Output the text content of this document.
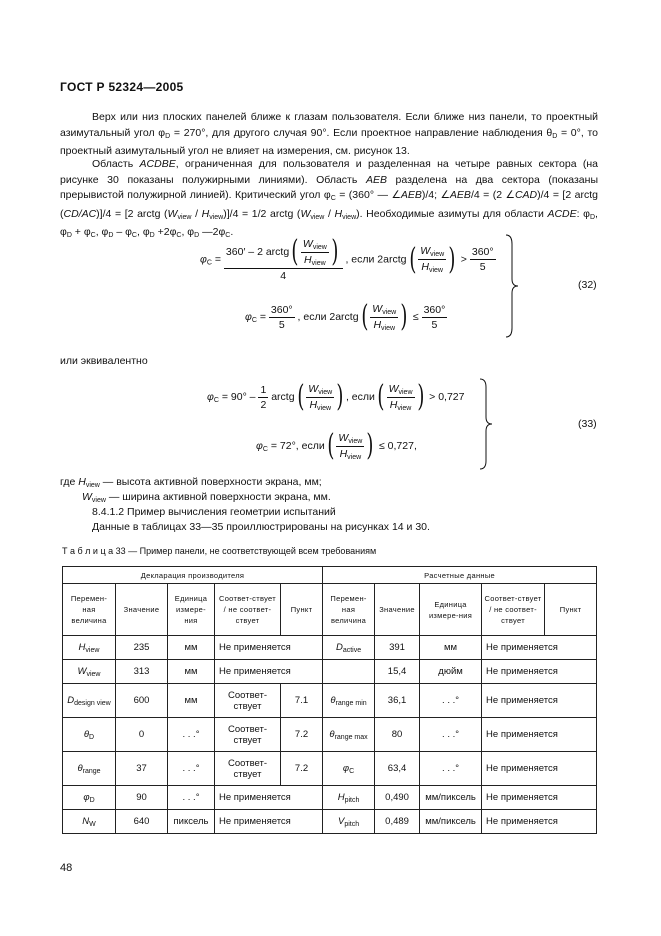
ГОСТ Р 52324—2005
Верх или низ плоских панелей ближе к глазам пользователя. Если ближе низ панели, то проектный азимутальный угол $\varphi_D = 270^\circ$, для другого случая 90°. Если проектное направление наблюдения $\theta_D = 0^\circ$, то проектный азимутальный угол не влияет на измерения, см. рисунок 13.
Область ACDBE, ограниченная для пользователя и разделенная на четыре равных сектора (на рисунке 30 показаны полужирными линиями). Область AEB разделена на два сектора (показаны прерывистой полужирной линией). Критический угол $\varphi_C = (360^\circ$ — ∠AEB)/4; ∠AEB/4 = (2 ∠CAD)/4 = [2 arctg (CD/AC)]/4 = [2 arctg $(W_{view} / H_{view})]/4 = 1/2$ arctg $(W_{view} / H_{view})$. Необходимые азимуты для области ACDE: $\varphi_D$, $\varphi_D + \varphi_C$, $\varphi_D - \varphi_C$, $\varphi_D +2\varphi_C$, $\varphi_D$ $—2\varphi_C$.
$\varphi_C = \frac{360' - 2 arctg( \frac{W_{view}}{H_{view}} )}{4}$ , если 2arctg( $\frac{W_{view}}{H_{view}}$ ) > $\frac{360^\circ}{5}$
$\varphi_C = \frac{360^\circ}{5}$ , если 2arctg( $\frac{W_{view}}{H_{view}}$ ) ≤ $\frac{360^\circ}{5}$
(32)
или эквивалентно
$\varphi_C = 90^\circ - \frac{1}{2}$ arctg( $\frac{W_{view}}{H_{view}}$ ) , если( $\frac{W_{view}}{H_{view}}$ ) > 0,727
$\varphi_C = 72^\circ$, если( $\frac{W_{view}}{H_{view}}$ ) ≤ 0,727,
(33)
где $H_{view}$ — высота активной поверхности экрана, мм;
$W_{view}$ — ширина активной поверхности экрана, мм.
8.4.1.2 Пример вычисления геометрии испытаний
Данные в таблицах 33—35 проиллюстрированы на рисунках 14 и 30.
Т а б л и ц а 33 — Пример панели, не соответствующей всем требованиям
Декларация производителя					Расчетные данные				
Перемен-ная величина	Значение	Единица измере-ния	Соответ-ствует / не соответ-ствует	Пункт	Перемен-ная величина	Значение	Единица измере-ния	Соответ-ствует / не соответ-ствует	Пункт
$H_{view}$	235	мм	Не применяется		$D_{active}$	391	мм	Не применяется	
$W_{view}$	313	мм	Не применяется			15,4	дюйм	Не применяется	
$D_{design view}$	600	мм	Соответ-ствует	7.1	$\theta_{range min}$	36,1	. . .°	Не применяется	
$\theta_D$	0	. . .°	Соответ-ствует	7.2	$\theta_{range max}$	80	. . .°	Не применяется	
$\theta_{range}$	37	. . .°	Соответ-ствует	7.2	$\varphi_C$	63,4	. . .°	Не применяется	
$\varphi_D$	90	. . .°	Не применяется		$H_{pitch}$	0,490	мм/пиксель	Не применяется	
$N_W$	640	пиксель	Не применяется		$V_{pitch}$	0,489	мм/пиксель	Не применяется	
48
